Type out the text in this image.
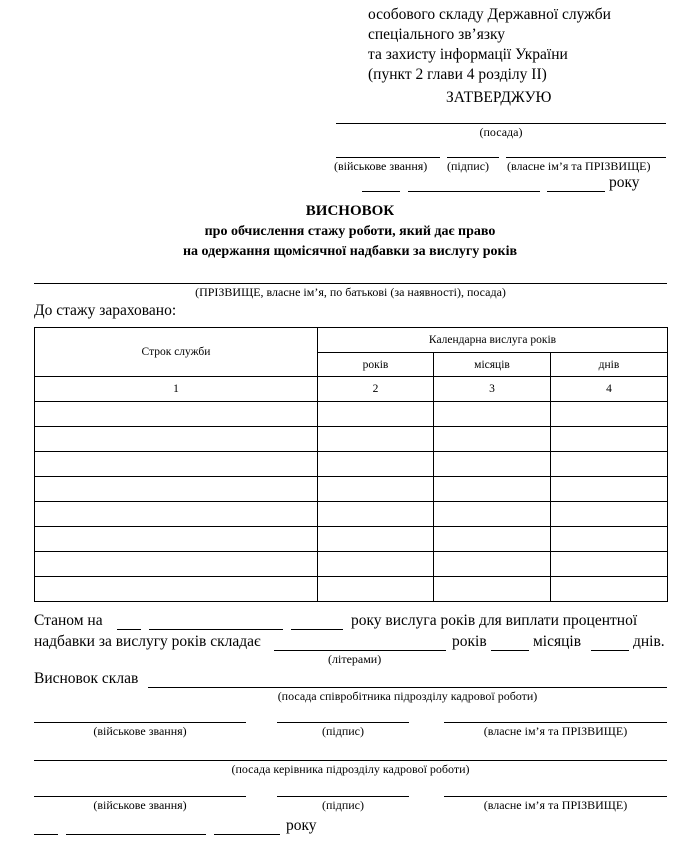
особового складу Державної служби
спеціального зв’язку
та захисту інформації України
(пункт 2 глави 4 розділу ІІ)
ЗАТВЕРДЖУЮ
(посада)
(військове звання) (підпис) (власне ім’я та ПРІЗВИЩЕ)
року
ВИСНОВОК
про обчислення стажу роботи, який дає право
на одержання щомісячної надбавки за вислугу років
(ПРІЗВИЩЕ, власне ім’я, по батькові (за наявності), посада)
До стажу зараховано:
Строк служби	Календарна вислуга років		
	років	місяців	днів
1	2	3	4

Станом на	року вислуга років для виплати процентної
надбавки за вислугу років складає	років	місяців	днів.
(літерами)
Висновок склав
(посада співробітника підрозділу кадрової роботи)
(військове звання)	(підпис)	(власне ім’я та ПРІЗВИЩЕ)
(посада керівника підрозділу кадрової роботи)
(військове звання)	(підпис)	(власне ім’я та ПРІЗВИЩЕ)
року
